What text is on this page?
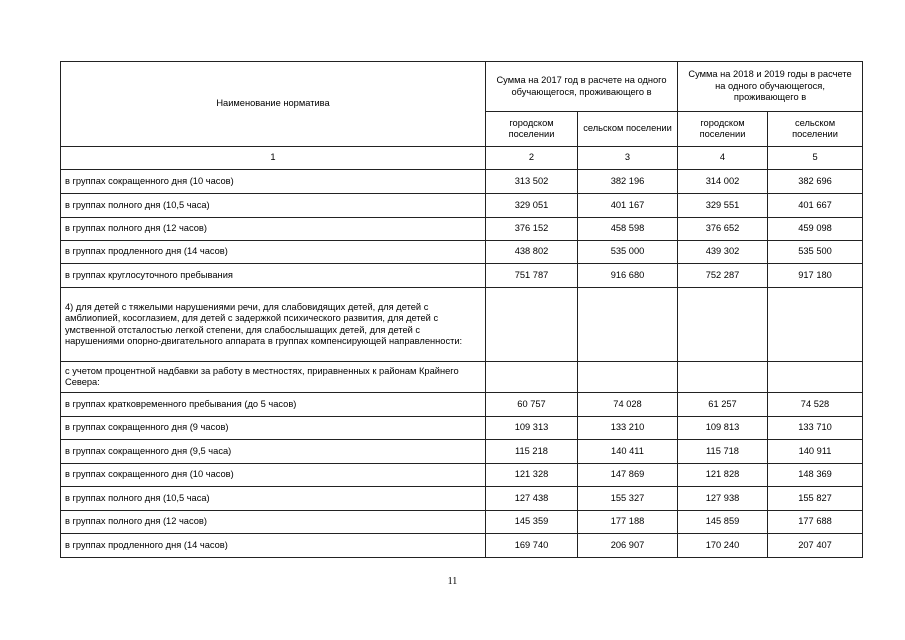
Наименование норматива	Сумма на 2017 год в расчете на одного обучающегося, проживающего в		Сумма на 2018 и 2019 годы в расчете на одного обучающегося, проживающего в	
	городском поселении	сельском поселении	городском поселении	сельском поселении
1	2	3	4	5
в группах сокращенного дня (10 часов)	313 502	382 196	314 002	382 696
в группах полного дня (10,5 часа)	329 051	401 167	329 551	401 667
в группах полного дня (12 часов)	376 152	458 598	376 652	459 098
в группах продленного дня (14 часов)	438 802	535 000	439 302	535 500
в группах круглосуточного пребывания	751 787	916 680	752 287	917 180
4) для детей с тяжелыми нарушениями речи, для слабовидящих детей, для детей с амблиопией, косоглазием, для детей с задержкой психического развития, для детей с умственной отсталостью легкой степени, для слабослышащих детей, для детей с нарушениями опорно-двигательного аппарата в группах компенсирующей направленности:				
с учетом процентной надбавки за работу в местностях, приравненных к районам Крайнего Севера:				
в группах кратковременного пребывания (до 5 часов)	60 757	74 028	61 257	74 528
в группах сокращенного дня (9 часов)	109 313	133 210	109 813	133 710
в группах сокращенного дня (9,5 часа)	115 218	140 411	115 718	140 911
в группах сокращенного дня (10 часов)	121 328	147 869	121 828	148 369
в группах полного дня (10,5 часа)	127 438	155 327	127 938	155 827
в группах полного дня (12 часов)	145 359	177 188	145 859	177 688
в группах продленного дня (14 часов)	169 740	206 907	170 240	207 407
11
